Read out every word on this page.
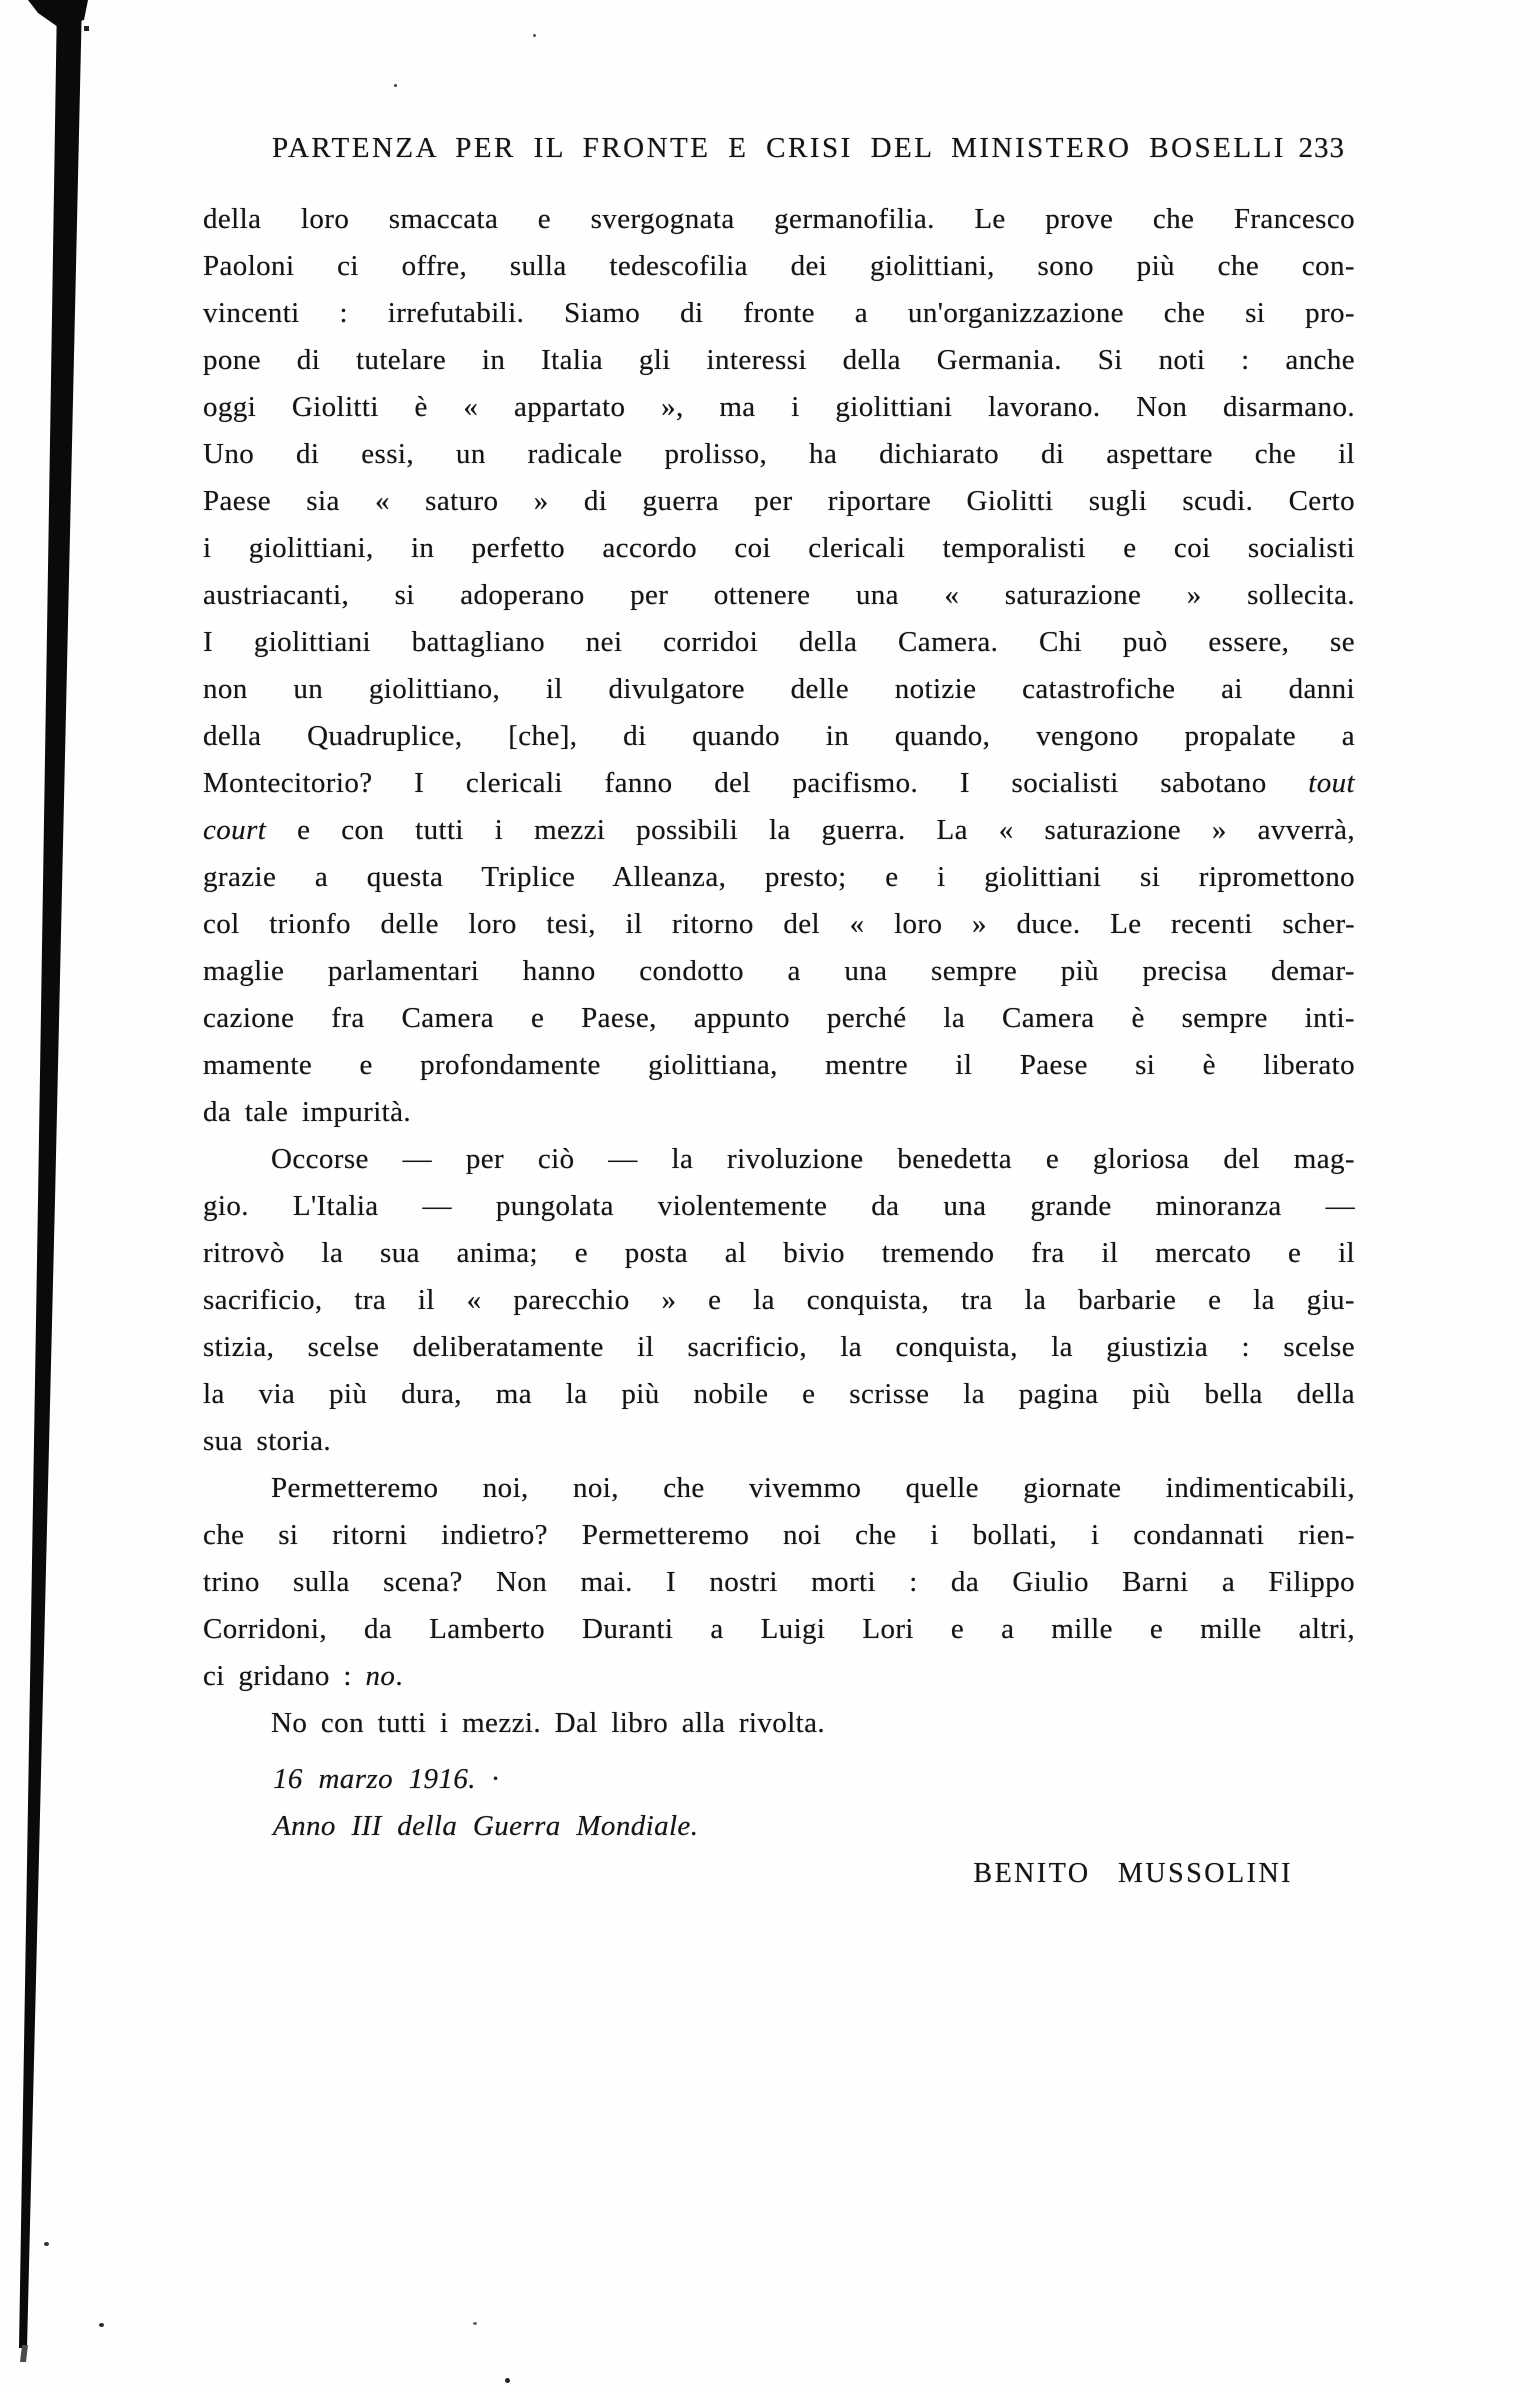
PARTENZA PER IL FRONTE E CRISI DEL MINISTERO BOSELLI 233
della loro smaccata e svergognata germanofilia. Le prove che Francesco
Paoloni ci offre, sulla tedescofilia dei giolittiani, sono più che con-
vincenti : irrefutabili. Siamo di fronte a un'organizzazione che si pro-
pone di tutelare in Italia gli interessi della Germania. Si noti : anche
oggi Giolitti è « appartato », ma i giolittiani lavorano. Non disarmano.
Uno di essi, un radicale prolisso, ha dichiarato di aspettare che il
Paese sia « saturo » di guerra per riportare Giolitti sugli scudi. Certo
i giolittiani, in perfetto accordo coi clericali temporalisti e coi socialisti
austriacanti, si adoperano per ottenere una « saturazione » sollecita.
I giolittiani battagliano nei corridoi della Camera. Chi può essere, se
non un giolittiano, il divulgatore delle notizie catastrofiche ai danni
della Quadruplice, [che], di quando in quando, vengono propalate a
Montecitorio? I clericali fanno del pacifismo. I socialisti sabotano tout
court e con tutti i mezzi possibili la guerra. La « saturazione » avverrà,
grazie a questa Triplice Alleanza, presto; e i giolittiani si ripromettono
col trionfo delle loro tesi, il ritorno del « loro » duce. Le recenti scher-
maglie parlamentari hanno condotto a una sempre più precisa demar-
cazione fra Camera e Paese, appunto perché la Camera è sempre inti-
mamente e profondamente giolittiana, mentre il Paese si è liberato
da tale impurità.
Occorse — per ciò — la rivoluzione benedetta e gloriosa del mag-
gio. L'Italia — pungolata violentemente da una grande minoranza —
ritrovò la sua anima; e posta al bivio tremendo fra il mercato e il
sacrificio, tra il « parecchio » e la conquista, tra la barbarie e la giu-
stizia, scelse deliberatamente il sacrificio, la conquista, la giustizia : scelse
la via più dura, ma la più nobile e scrisse la pagina più bella della
sua storia.
Permetteremo noi, noi, che vivemmo quelle giornate indimenticabili,
che si ritorni indietro? Permetteremo noi che i bollati, i condannati rien-
trino sulla scena? Non mai. I nostri morti : da Giulio Barni a Filippo
Corridoni, da Lamberto Duranti a Luigi Lori e a mille e mille altri,
ci gridano : no.
No con tutti i mezzi. Dal libro alla rivolta.
16 marzo 1916. ·
Anno III della Guerra Mondiale.
BENITO MUSSOLINI
